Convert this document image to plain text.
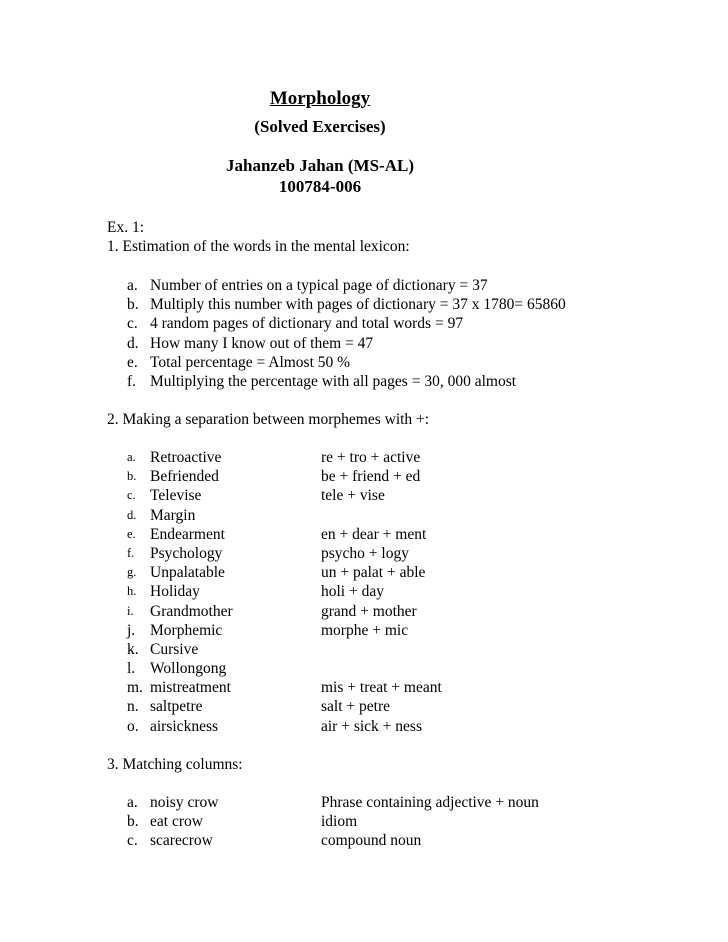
Morphology
(Solved Exercises)
Jahanzeb Jahan (MS-AL)
100784-006
Ex. 1:
1. Estimation of the words in the mental lexicon:
a. Number of entries on a typical page of dictionary = 37
b. Multiply this number with pages of dictionary = 37 x 1780= 65860
c. 4 random pages of dictionary and total words = 97
d. How many I know out of them = 47
e. Total percentage = Almost 50 %
f. Multiplying the percentage with all pages = 30, 000 almost
2. Making a separation between morphemes with +:
a. Retroactive	re + tro + active
b. Befriended	be + friend + ed
c. Televise	tele + vise
d. Margin
e. Endearment	en + dear + ment
f. Psychology	psycho + logy
g. Unpalatable	un + palat + able
h. Holiday	holi + day
i. Grandmother	grand + mother
j. Morphemic	morphe + mic
k. Cursive
l. Wollongong
m. mistreatment	mis + treat + meant
n. saltpetre	salt + petre
o. airsickness	air + sick + ness
3. Matching columns:
a. noisy crow	Phrase containing adjective + noun
b. eat crow	idiom
c. scarecrow	compound noun
